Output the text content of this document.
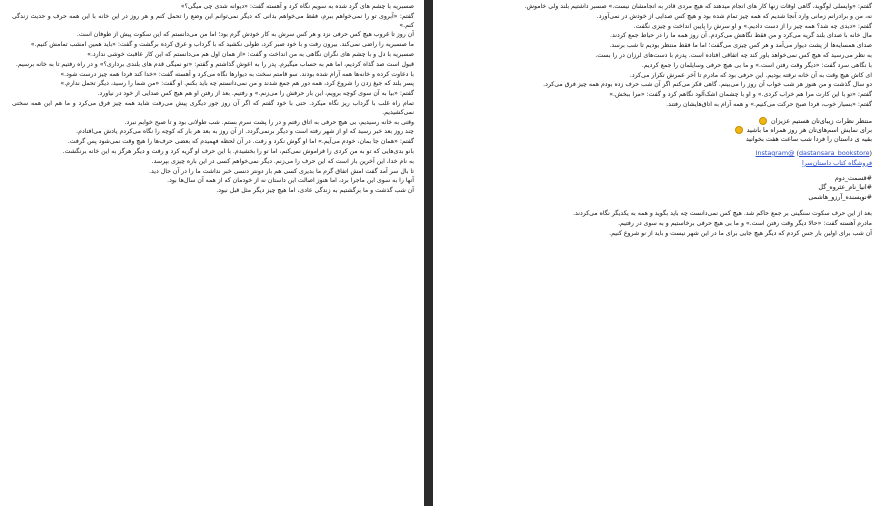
صسبریه با چشم های گرد شده به سویم نگاه کرد و آهسته گفت: «دیوانه شدی چی میگی؟»

گفتم: «آبروی تو را نمی‌خواهم ببرم، فقط می‌خواهم بدانی که دیگر نمی‌توانم این وضع را تحمل کنم و هر روز در این خانه با این همه حرف و حدیث زندگی کنم.»

آن روز تا غروب هیچ کس حرفی نزد و هر کس سرش به کار خودش گرم بود؛ اما من می‌دانستم که این سکوت پیش از طوفان است.

ما صسبریه را راضی نمی‌کند. بیرون رفت و با خود صبر کرد، طولی نکشید که با گرداب و عرق کرده برگشت و گفت: «باید همین امشب تمامش کنیم.»

صسبریه با دل و با چشم های نگران نگاهی به من انداخت و گفت: «از همان اول هم می‌دانستم که این کار عاقبت خوشی ندارد.»

قبول است صد گذاه کردیم، اما هم به حساب میگیرم. پدر را به اعوش گذاشتم و گفتم: «تو نمیگی قدم های بلندی برداری؟» و در راه رفتیم تا به خانه برسیم.

با دعاوت کرده و خانه‌ها همه آرام شده بودند. سو قامتم سخت به دیوارها نگاه می‌کرد و آهسته گفت: «خدا کند فردا همه چیز درست شود.»

پسر بلند که جیغ زدن را شروع کرد، همه دور هم جمع شدند و من نمی‌دانستم چه باید بکنم. او گفت: «من شما را رسید، دیگر تحمل ندارم.»

گفتم: «بیا به آن سوی کوچه برویم، این بار حرفش را می‌زنم.» و رفتیم. بعد از رفتن او هم هیچ کس صدایی از خود در نیاورد.

تمام راه غلب با گرداب ریز نگاه میکرد. حتی با خود گفتم که اگر آن روز جور دیگری پیش می‌رفت شاید همه چیز فرق می‌کرد و ما هم این همه سختی نمی‌کشیدیم.

وقتی به خانه رسیدیم، بی هیچ حرفی به اتاق رفتم و در را پشت سرم بستم. شب طولانی بود و تا صبح خوابم نبرد.

چند روز بعد خبر رسید که او از شهر رفته است و دیگر برنمی‌گردد. از آن روز به بعد هر بار که کوچه را نگاه می‌کردم یادش می‌افتادم.

گفتم: «همان جا بمان، خودم می‌آیم.» اما او گوش نکرد و رفت. در آن لحظه فهمیدم که بعضی حرف‌ها را هیچ وقت نمی‌شود پس گرفت.

بانو بدی‌هایی که تو به من کردی را فراموش نمی‌کنم، اما تو را بخشیدم. با این حرف او گریه کرد و رفت و دیگر هرگز به این خانه برنگشت.

به نام خدا، این آخرین بار است که این حرف را می‌زنم. دیگر نمی‌خواهم کسی در این باره چیزی بپرسد.

تا بال سر آمد گفت امش اتفاق گرم ما بدیری کسی هم بار دونتر دنسی خبر نداشت ما را در آن حال دید.

آنها را به سوی این ماجرا برد، اما هنوز اصالت این داستان نه از خودمان که از همه آن سال‌ها بود.

آن شب گذشت و ما برگشتیم به زندگی عادی، اما هیچ چیز دیگر مثل قبل نبود.

گفتم: «وایسلی لوگوید، گاهی اوقات زنها کار های انجام میدهند که هیچ مردی قادر به انجامشان نیست.» صسبر داشتیم بلند ولی خاموش.

نه، من و برادرانم زمانی وارد آنجا شدیم که همه چیز تمام شده بود و هیچ کس صدایی از خودش در نمی‌آورد.

گفتم: «دیدی چه شد؟ همه چیز را از دست دادیم.» و او سرش را پایین انداخت و چیزی نگفت.

مال خانه با صدای بلند گریه می‌کرد و من فقط نگاهش می‌کردم. آن روز همه ما را در حیاط جمع کردند.

صدای همسایه‌ها از پشت دیوار می‌آمد و هر کس چیزی می‌گفت؛ اما ما فقط منتظر بودیم تا شب برسد.

به نظر می‌رسید که هیچ کس نمی‌خواهد باور کند چه اتفاقی افتاده است. پدرم با دست‌های لرزان در را بست.

با نگاهی سرد گفت: «دیگر وقت رفتن است.» و ما بی هیچ حرفی وسایلمان را جمع کردیم.

ای کاش هیچ وقت به آن خانه نرفته بودیم. این حرفی بود که مادرم تا آخر عمرش تکرار می‌کرد.

دو سال گذشت و من هنوز هر شب خواب آن روز را می‌بینم. گاهی فکر می‌کنم اگر آن شب حرف زده بودم همه چیز فرق می‌کرد.

گفتم: «تو با این کارت مرا هم خراب کردی.» و او با چشمان اشک‌آلود نگاهم کرد و گفت: «مرا ببخش.»

گفتم: «بسیار خوب، فردا صبح حرکت می‌کنیم.» و همه آرام به اتاق‌هایشان رفتند.

منتظر نظرات زیبای‌تان هستیم عزیزان

برای نمایش اسم‌های‌تان هر روز همراه ما باشید

بقیه ی داستان را فردا شب ساعت هفت بخوانید

Instagram@ (dastansara_bookstore)
فروشگاه کتاب داستان‌سرا
#قسمت_دوم
#انیا_نام_عثروه_گل
#نویسنده_آرزو_هاشمی

بعد از این حرف سکوت سنگینی بر جمع حاکم شد. هیچ کس نمی‌دانست چه باید بگوید و همه به یکدیگر نگاه می‌کردند.

مادرم آهسته گفت: «حالا دیگر وقت رفتن است.» و ما بی هیچ حرفی برخاستیم و به سوی در رفتیم.

آن شب برای اولین بار حس کردم که دیگر هیچ جایی برای ما در این شهر نیست و باید از نو شروع کنیم.
